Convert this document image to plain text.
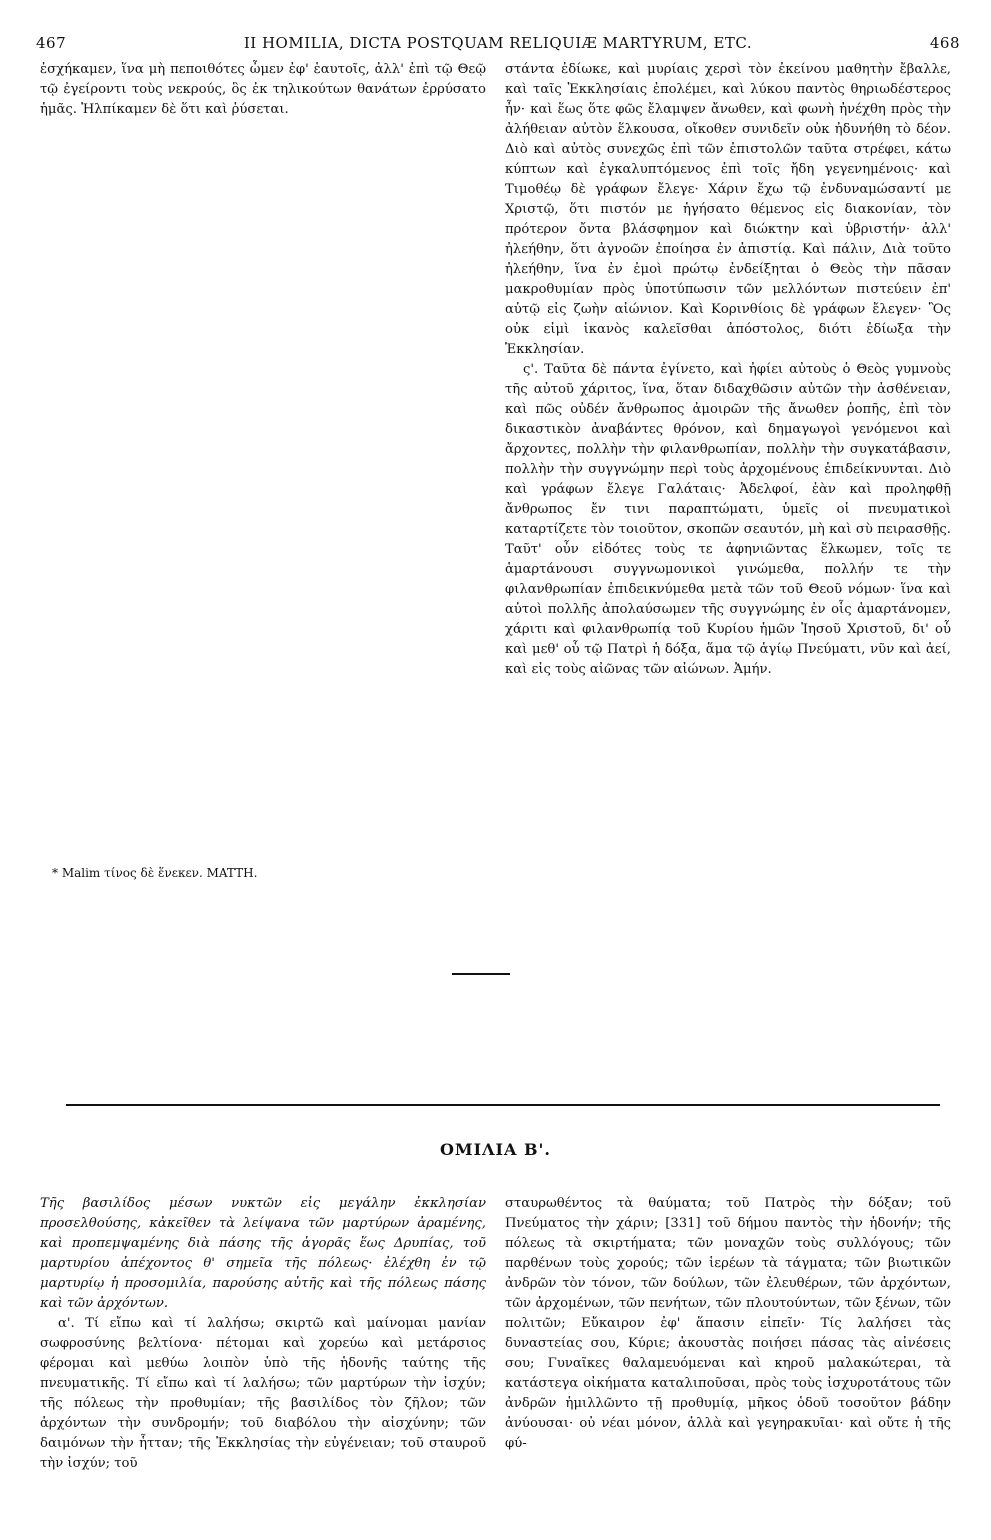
467	II HOMILIA, DICTA POSTQUAM RELIQUIÆ MARTYRUM, ETC.	468

ἐσχήκαμεν, ἵνα μὴ πεποιθότες ὦμεν ἐφ' ἑαυτοῖς, ἀλλ' ἐπὶ τῷ Θεῷ τῷ ἐγείροντι τοὺς νεκρούς, ὃς ἐκ τηλικούτων θανάτων ἐρρύσατο ἡμᾶς. Ἠλπίκαμεν δὲ ὅτι καὶ ῥύσεται.

* Malim τίνος δὲ ἕνεκεν. MATTH.

στάντα ἐδίωκε, καὶ μυρίαις χερσὶ τὸν ἐκείνου μαθητὴν ἔβαλλε, καὶ ταῖς Ἐκκλησίαις ἐπολέμει, καὶ λύκου παντὸς θηριωδέστερος ἦν· καὶ ἕως ὅτε φῶς ἔλαμψεν ἄνωθεν, καὶ φωνὴ ἠνέχθη πρὸς τὴν ἀλήθειαν αὐτὸν ἕλκουσα, οἴκοθεν συνιδεῖν οὐκ ἠδυνήθη τὸ δέον. Διὸ καὶ αὐτὸς συνεχῶς ἐπὶ τῶν ἐπιστολῶν ταῦτα στρέφει, κάτω κύπτων καὶ ἐγκαλυπτόμενος ἐπὶ τοῖς ἤδη γεγενημένοις· καὶ Τιμοθέῳ δὲ γράφων ἔλεγε· Χάριν ἔχω τῷ ἐνδυναμώσαντί με Χριστῷ, ὅτι πιστόν με ἡγήσατο θέμενος εἰς διακονίαν, τὸν πρότερον ὄντα βλάσφημον καὶ διώκτην καὶ ὑβριστήν· ἀλλ' ἠλεήθην, ὅτι ἀγνοῶν ἐποίησα ἐν ἀπιστίᾳ. Καὶ πάλιν, Διὰ τοῦτο ἠλεήθην, ἵνα ἐν ἐμοὶ πρώτῳ ἐνδείξηται ὁ Θεὸς τὴν πᾶσαν μακροθυμίαν πρὸς ὑποτύπωσιν τῶν μελλόντων πιστεύειν ἐπ' αὐτῷ εἰς ζωὴν αἰώνιον. Καὶ Κορινθίοις δὲ γράφων ἔλεγεν· Ὃς οὐκ εἰμὶ ἱκανὸς καλεῖσθαι ἀπόστολος, διότι ἐδίωξα τὴν Ἐκκλησίαν.

ς'. Ταῦτα δὲ πάντα ἐγίνετο, καὶ ἠφίει αὐτοὺς ὁ Θεὸς γυμνοὺς τῆς αὐτοῦ χάριτος, ἵνα, ὅταν διδαχθῶσιν αὐτῶν τὴν ἀσθένειαν, καὶ πῶς οὐδέν ἄνθρωπος ἀμοιρῶν τῆς ἄνωθεν ῥοπῆς, ἐπὶ τὸν δικαστικὸν ἀναβάντες θρόνον, καὶ δημαγωγοὶ γενόμενοι καὶ ἄρχοντες, πολλὴν τὴν φιλανθρωπίαν, πολλὴν τὴν συγκατάβασιν, πολλὴν τὴν συγγνώμην περὶ τοὺς ἀρχομένους ἐπιδείκνυνται. Διὸ καὶ γράφων ἔλεγε Γαλάταις· Ἀδελφοί, ἐὰν καὶ προληφθῇ ἄνθρωπος ἔν τινι παραπτώματι, ὑμεῖς οἱ πνευματικοὶ καταρτίζετε τὸν τοιοῦτον, σκοπῶν σεαυτόν, μὴ καὶ σὺ πειρασθῇς. Ταῦτ' οὖν εἰδότες τοὺς τε ἀφηνιῶντας ἕλκωμεν, τοῖς τε ἁμαρτάνουσι συγγνωμονικοὶ γινώμεθα, πολλήν τε τὴν φιλανθρωπίαν ἐπιδεικνύμεθα μετὰ τῶν τοῦ Θεοῦ νόμων· ἵνα καὶ αὐτοὶ πολλῆς ἀπολαύσωμεν τῆς συγγνώμης ἐν οἷς ἁμαρτάνομεν, χάριτι καὶ φιλανθρωπίᾳ τοῦ Κυρίου ἡμῶν Ἰησοῦ Χριστοῦ, δι' οὗ καὶ μεθ' οὗ τῷ Πατρὶ ἡ δόξα, ἅμα τῷ ἁγίῳ Πνεύματι, νῦν καὶ ἀεί, καὶ εἰς τοὺς αἰῶνας τῶν αἰώνων. Ἀμήν.

ΟΜΙΛΙΑ Β'.

Τῆς βασιλίδος μέσων νυκτῶν εἰς μεγάλην ἐκκλησίαν προσελθούσης, κἀκεῖθεν τὰ λείψανα τῶν μαρτύρων ἀραμένης, καὶ προπεμψαμένης διὰ πάσης τῆς ἀγορᾶς ἕως Δρυπίας, τοῦ μαρτυρίου ἀπέχοντος θ' σημεῖα τῆς πόλεως· ἐλέχθη ἐν τῷ μαρτυρίῳ ἡ προσομιλία, παρούσης αὐτῆς καὶ τῆς πόλεως πάσης καὶ τῶν ἀρχόντων.

α'. Τί εἴπω καὶ τί λαλήσω; σκιρτῶ καὶ μαίνομαι μανίαν σωφροσύνης βελτίονα· πέτομαι καὶ χορεύω καὶ μετάρσιος φέρομαι καὶ μεθύω λοιπὸν ὑπὸ τῆς ἡδονῆς ταύτης τῆς πνευματικῆς. Τί εἴπω καὶ τί λαλήσω; τῶν μαρτύρων τὴν ἰσχύν; τῆς πόλεως τὴν προθυμίαν; τῆς βασιλίδος τὸν ζῆλον; τῶν ἀρχόντων τὴν συνδρομήν; τοῦ διαβόλου τὴν αἰσχύνην; τῶν δαιμόνων τὴν ἧτταν; τῆς Ἐκκλησίας τὴν εὐγένειαν; τοῦ σταυροῦ τὴν ἰσχύν; τοῦ

σταυρωθέντος τὰ θαύματα; τοῦ Πατρὸς τὴν δόξαν; τοῦ Πνεύματος τὴν χάριν; [331] τοῦ δήμου παντὸς τὴν ἡδονήν; τῆς πόλεως τὰ σκιρτήματα; τῶν μοναχῶν τοὺς συλλόγους; τῶν παρθένων τοὺς χορούς; τῶν ἱερέων τὰ τάγματα; τῶν βιωτικῶν ἀνδρῶν τὸν τόνον, τῶν δούλων, τῶν ἐλευθέρων, τῶν ἀρχόντων, τῶν ἀρχομένων, τῶν πενήτων, τῶν πλουτούντων, τῶν ξένων, τῶν πολιτῶν; Εὔκαιρον ἐφ' ἅπασιν εἰπεῖν· Τίς λαλήσει τὰς δυναστείας σου, Κύριε; ἀκουστὰς ποιήσει πάσας τὰς αἰνέσεις σου; Γυναῖκες θαλαμευόμεναι καὶ κηροῦ μαλακώτεραι, τὰ κατάστεγα οἰκήματα καταλιποῦσαι, πρὸς τοὺς ἰσχυροτάτους τῶν ἀνδρῶν ἡμιλλῶντο τῇ προθυμίᾳ, μῆκος ὁδοῦ τοσοῦτον βάδην ἀνύουσαι· οὐ νέαι μόνον, ἀλλὰ καὶ γεγηρακυῖαι· καὶ οὔτε ἡ τῆς φύ-
